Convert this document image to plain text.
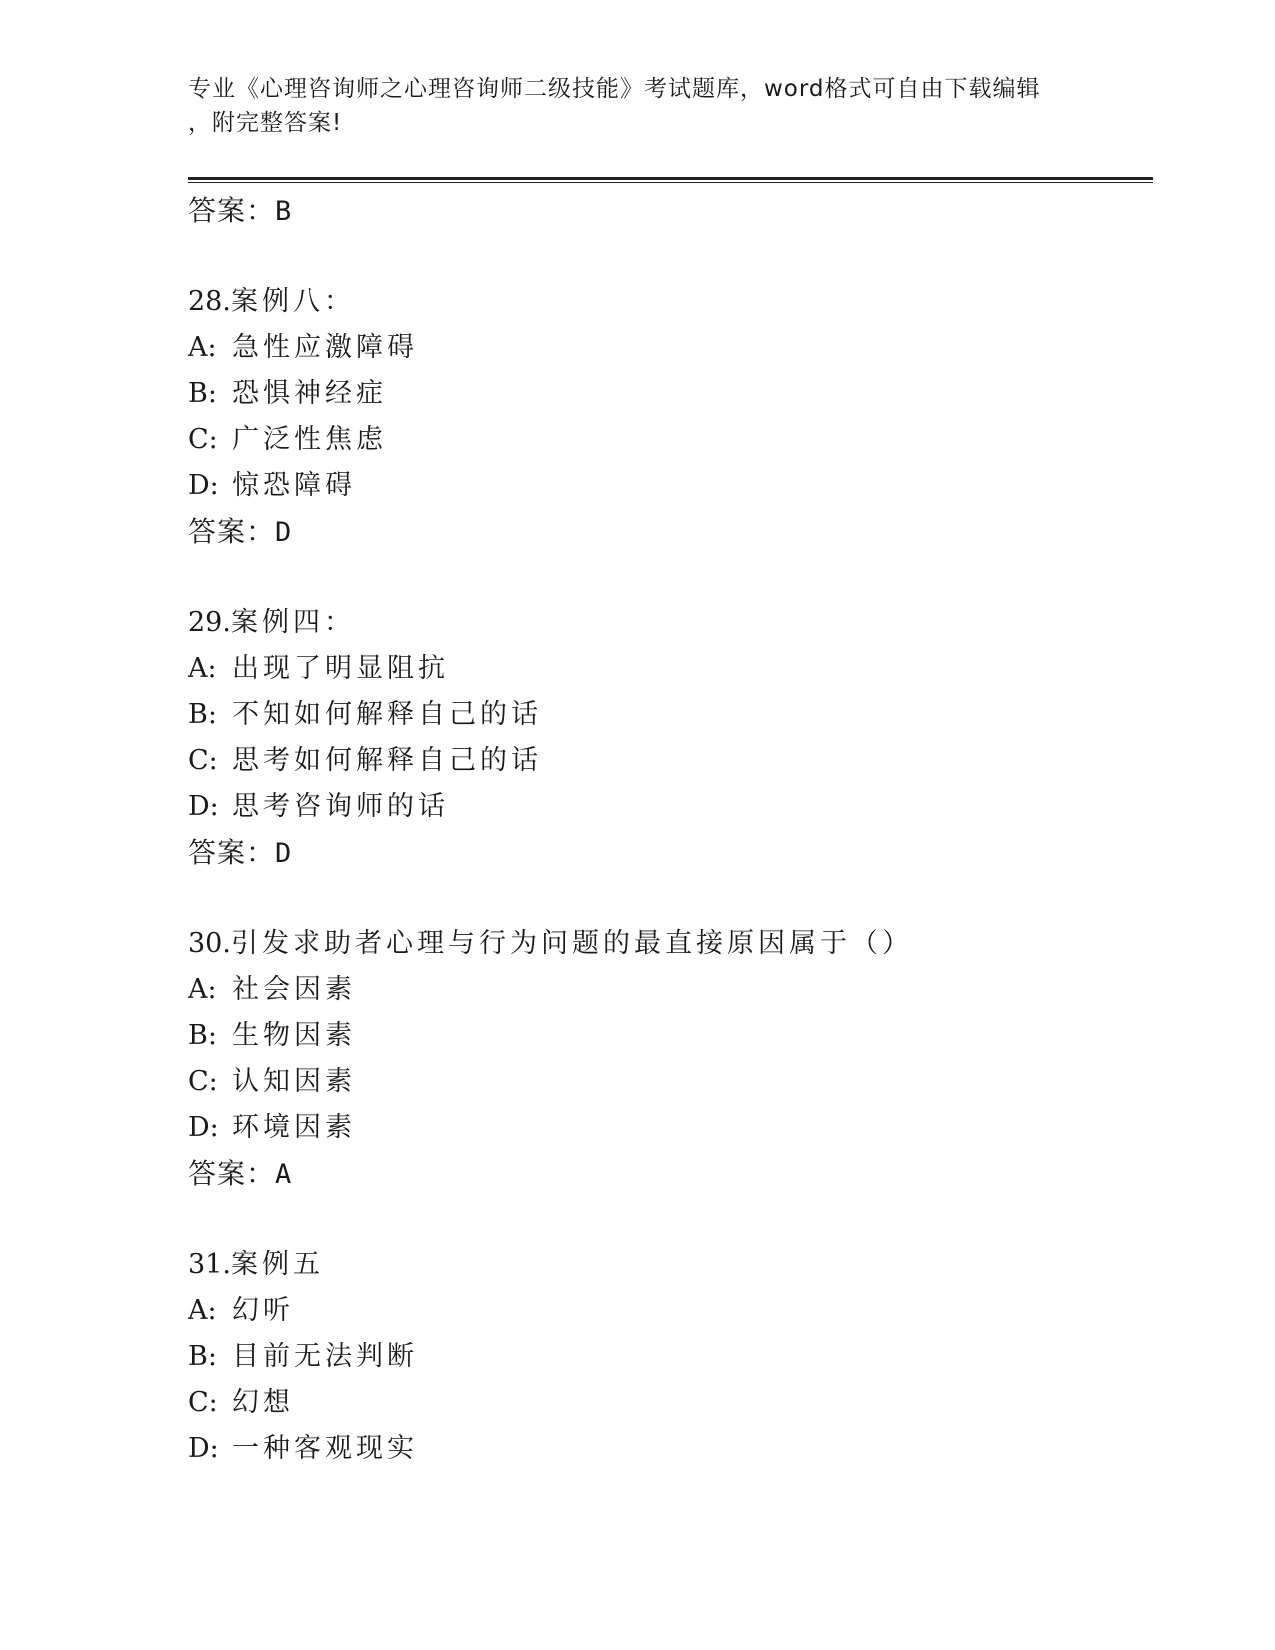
专业《心理咨询师之心理咨询师二级技能》考试题库，word格式可自由下载编辑
，附完整答案!
答案：B
28.案例八：
A: 急性应激障碍
B: 恐惧神经症
C: 广泛性焦虑
D: 惊恐障碍
答案：D
29.案例四：
A: 出现了明显阻抗
B: 不知如何解释自己的话
C: 思考如何解释自己的话
D: 思考咨询师的话
答案：D
30.引发求助者心理与行为问题的最直接原因属于（）
A: 社会因素
B: 生物因素
C: 认知因素
D: 环境因素
答案：A
31.案例五
A: 幻听
B: 目前无法判断
C: 幻想
D: 一种客观现实
